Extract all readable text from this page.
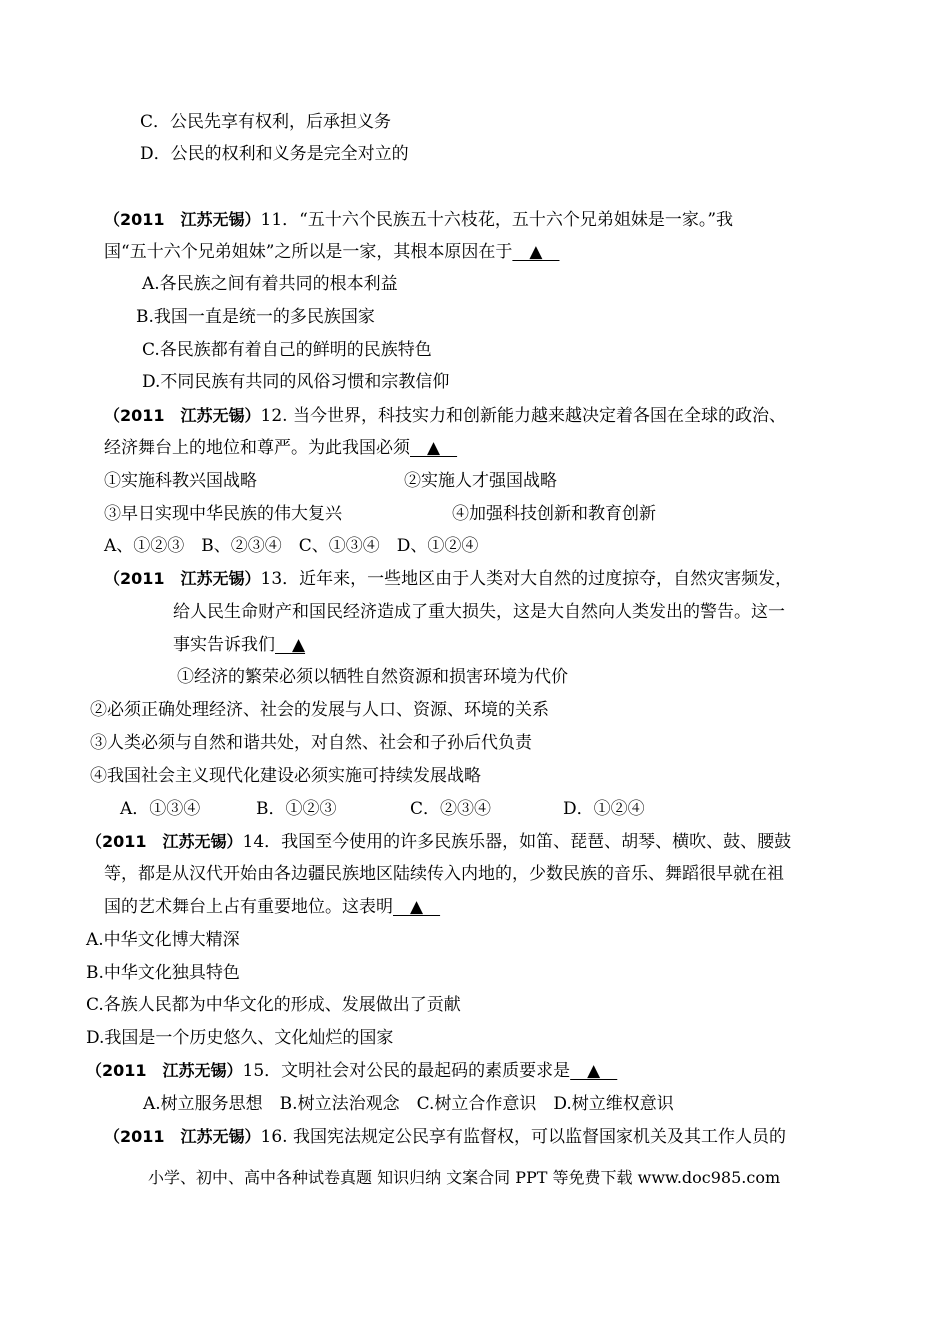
C．公民先享有权利，后承担义务
D．公民的权利和义务是完全对立的
（2011　江苏无锡）11．“五十六个民族五十六枝花，五十六个兄弟姐妹是一家。”我
国“五十六个兄弟姐妹”之所以是一家，其根本原因在于　▲　
A.各民族之间有着共同的根本利益
B.我国一直是统一的多民族国家
C.各民族都有着自己的鲜明的民族特色
D.不同民族有共同的风俗习惯和宗教信仰
（2011　江苏无锡）12. 当今世界，科技实力和创新能力越来越决定着各国在全球的政治、
经济舞台上的地位和尊严。为此我国必须　▲　
①实施科教兴国战略	②实施人才强国战略
③早日实现中华民族的伟大复兴	④加强科技创新和教育创新
A、①②③　B、②③④　C、①③④　D、①②④
（2011　江苏无锡）13．近年来，一些地区由于人类对大自然的过度掠夺，自然灾害频发，
给人民生命财产和国民经济造成了重大损失，这是大自然向人类发出的警告。这一
事实告诉我们　▲
①经济的繁荣必须以牺牲自然资源和损害环境为代价
②必须正确处理经济、社会的发展与人口、资源、环境的关系
③人类必须与自然和谐共处，对自然、社会和子孙后代负责
④我国社会主义现代化建设必须实施可持续发展战略
A．①③④	B．①②③	C．②③④	D．①②④
（2011　江苏无锡）14．我国至今使用的许多民族乐器，如笛、琵琶、胡琴、横吹、鼓、腰鼓
等，都是从汉代开始由各边疆民族地区陆续传入内地的，少数民族的音乐、舞蹈很早就在祖
国的艺术舞台上占有重要地位。这表明　▲　
A.中华文化博大精深
B.中华文化独具特色
C.各族人民都为中华文化的形成、发展做出了贡献
D.我国是一个历史悠久、文化灿烂的国家
（2011　江苏无锡）15．文明社会对公民的最起码的素质要求是　▲　
A.树立服务思想　B.树立法治观念　C.树立合作意识　D.树立维权意识
（2011　江苏无锡）16. 我国宪法规定公民享有监督权，可以监督国家机关及其工作人员的
小学、初中、高中各种试卷真题 知识归纳 文案合同 PPT 等免费下载 www.doc985.com
